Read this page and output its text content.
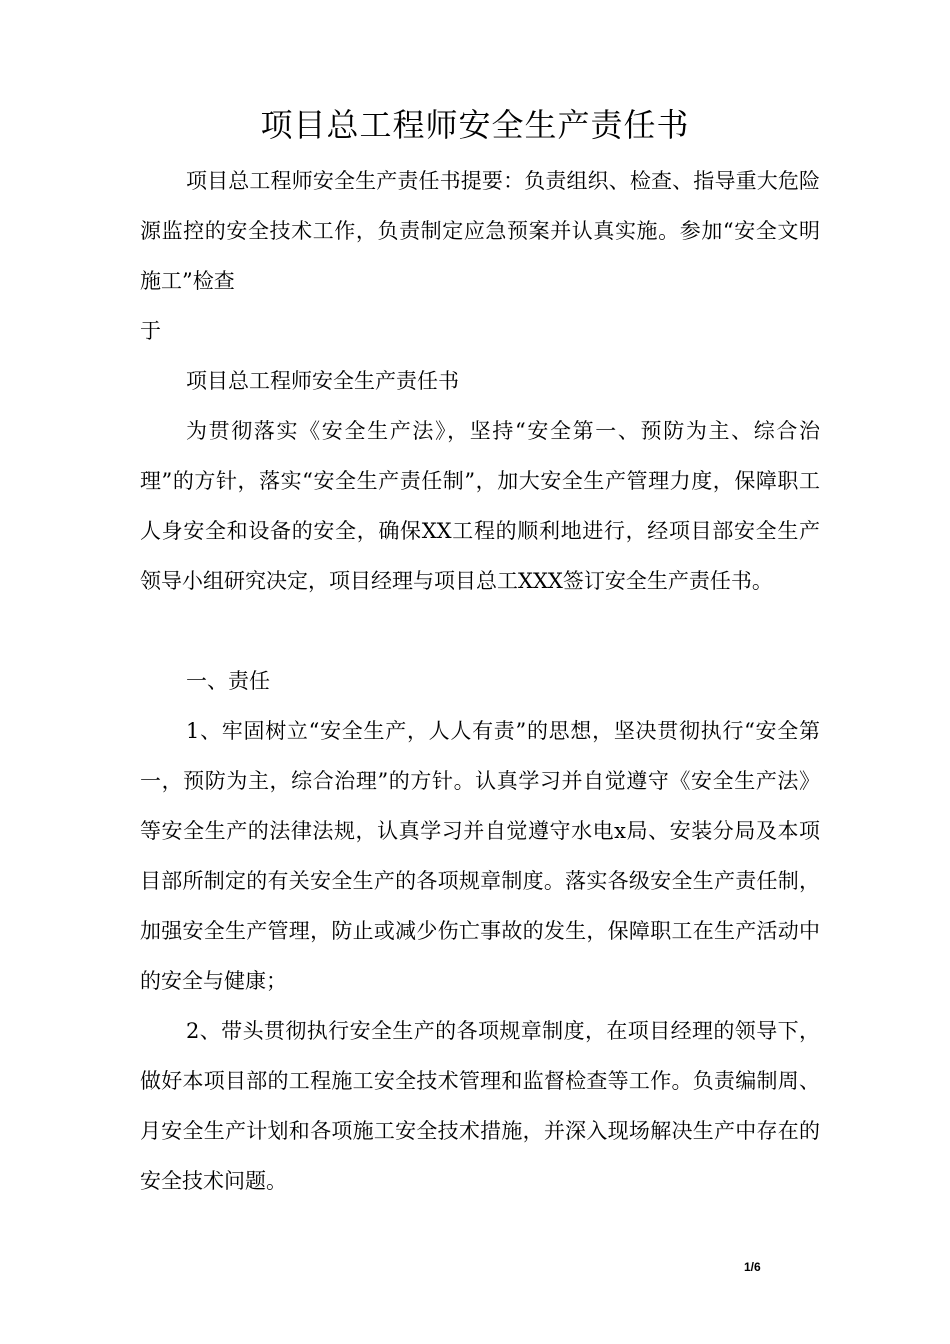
项目总工程师安全生产责任书
项目总工程师安全生产责任书提要：负责组织、检查、指导重大危险源监控的安全技术工作，负责制定应急预案并认真实施。参加“安全文明施工”检查
于
项目总工程师安全生产责任书
为贯彻落实《安全生产法》，坚持“安全第一、预防为主、综合治理”的方针，落实“安全生产责任制”，加大安全生产管理力度，保障职工人身安全和设备的安全，确保XX工程的顺利地进行，经项目部安全生产领导小组研究决定，项目经理与项目总工XXX签订安全生产责任书。
一、责任
1、牢固树立“安全生产，人人有责”的思想，坚决贯彻执行“安全第一，预防为主，综合治理”的方针。认真学习并自觉遵守《安全生产法》等安全生产的法律法规，认真学习并自觉遵守水电x局、安装分局及本项目部所制定的有关安全生产的各项规章制度。落实各级安全生产责任制，加强安全生产管理，防止或减少伤亡事故的发生，保障职工在生产活动中的安全与健康；
2、带头贯彻执行安全生产的各项规章制度，在项目经理的领导下，做好本项目部的工程施工安全技术管理和监督检查等工作。负责编制周、月安全生产计划和各项施工安全技术措施，并深入现场解决生产中存在的安全技术问题。
1/6
